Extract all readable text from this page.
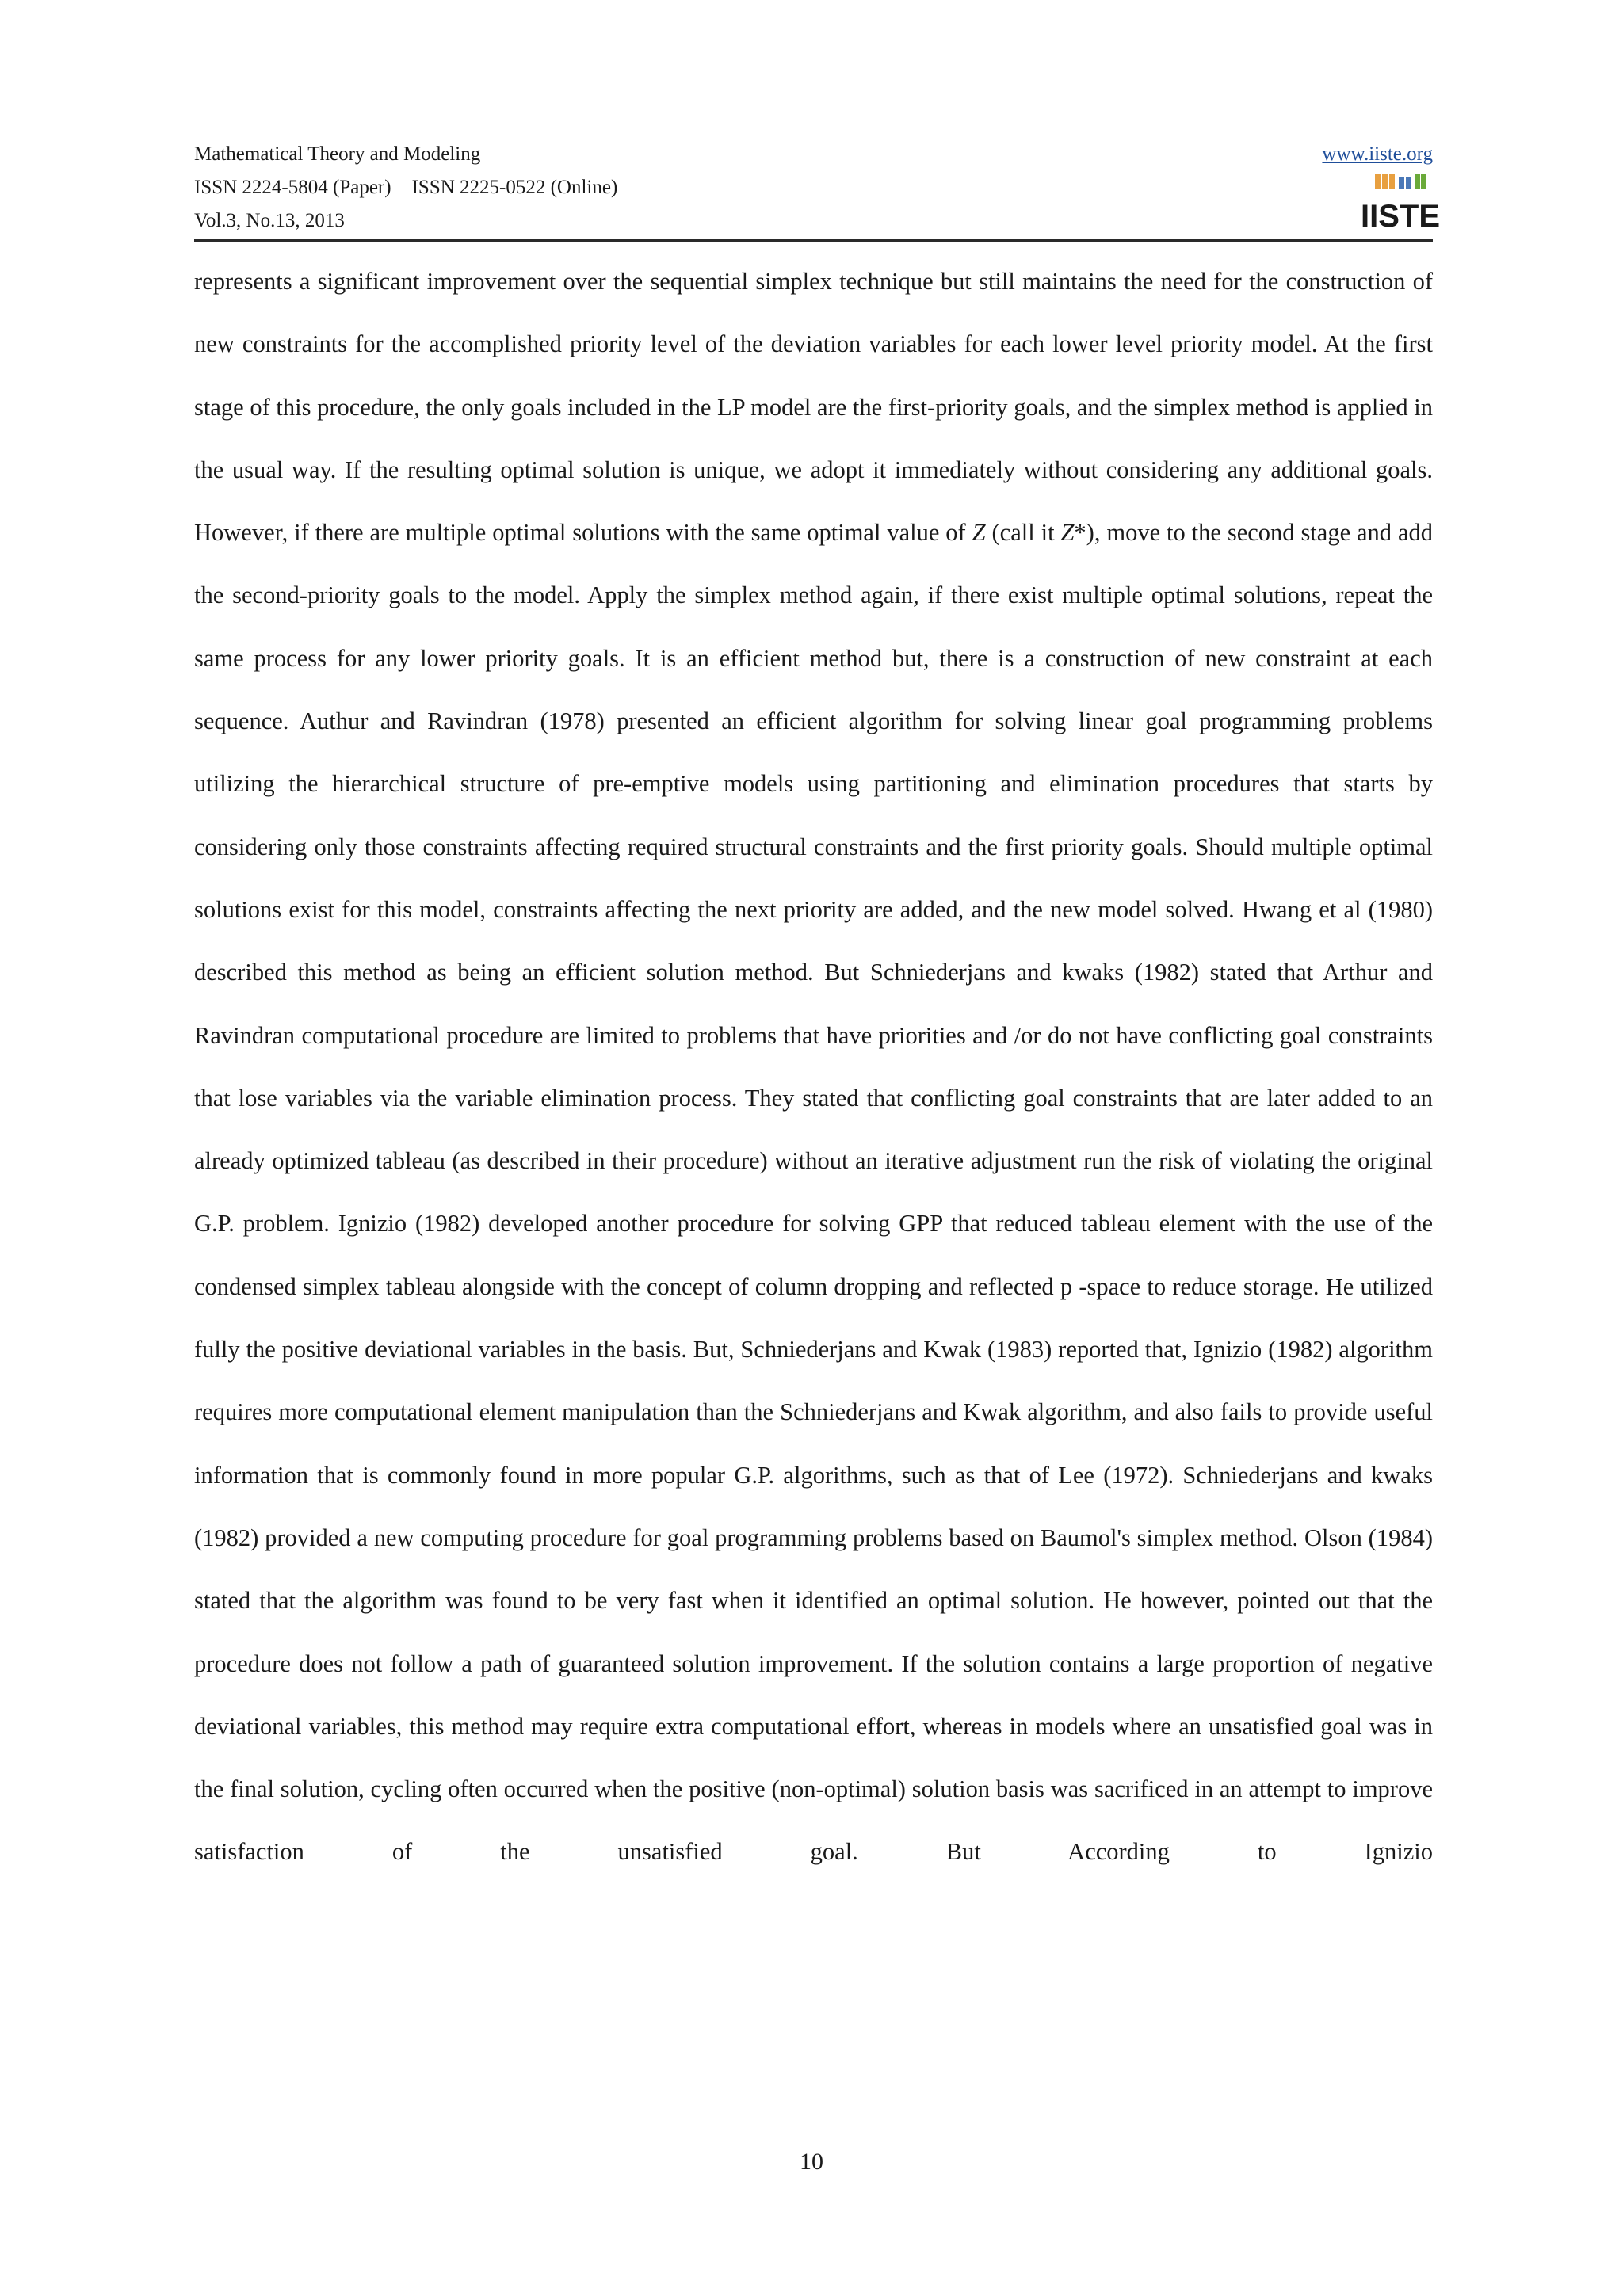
Mathematical Theory and Modeling
ISSN 2224-5804 (Paper) ISSN 2225-0522 (Online)
Vol.3, No.13, 2013
www.iiste.org
IISTE

represents a significant improvement over the sequential simplex technique but still maintains the need for the construction of new constraints for the accomplished priority level of the deviation variables for each lower level priority model. At the first stage of this procedure, the only goals included in the LP model are the first-priority goals, and the simplex method is applied in the usual way. If the resulting optimal solution is unique, we adopt it immediately without considering any additional goals. However, if there are multiple optimal solutions with the same optimal value of Z (call it Z*), move to the second stage and add the second-priority goals to the model. Apply the simplex method again, if there exist multiple optimal solutions, repeat the same process for any lower priority goals. It is an efficient method but, there is a construction of new constraint at each sequence. Authur and Ravindran (1978) presented an efficient algorithm for solving linear goal programming problems utilizing the hierarchical structure of pre-emptive models using partitioning and elimination procedures that starts by considering only those constraints affecting required structural constraints and the first priority goals. Should multiple optimal solutions exist for this model, constraints affecting the next priority are added, and the new model solved. Hwang et al (1980) described this method as being an efficient solution method. But Schniederjans and kwaks (1982) stated that Arthur and Ravindran computational procedure are limited to problems that have priorities and /or do not have conflicting goal constraints that lose variables via the variable elimination process. They stated that conflicting goal constraints that are later added to an already optimized tableau (as described in their procedure) without an iterative adjustment run the risk of violating the original G.P. problem. Ignizio (1982) developed another procedure for solving GPP that reduced tableau element with the use of the condensed simplex tableau alongside with the concept of column dropping and reflected p -space to reduce storage. He utilized fully the positive deviational variables in the basis. But, Schniederjans and Kwak (1983) reported that, Ignizio (1982) algorithm requires more computational element manipulation than the Schniederjans and Kwak algorithm, and also fails to provide useful information that is commonly found in more popular G.P. algorithms, such as that of Lee (1972). Schniederjans and kwaks (1982) provided a new computing procedure for goal programming problems based on Baumol's simplex method. Olson (1984) stated that the algorithm was found to be very fast when it identified an optimal solution. He however, pointed out that the procedure does not follow a path of guaranteed solution improvement. If the solution contains a large proportion of negative deviational variables, this method may require extra computational effort, whereas in models where an unsatisfied goal was in the final solution, cycling often occurred when the positive (non-optimal) solution basis was sacrificed in an attempt to improve satisfaction of the unsatisfied goal. But According to Ignizio

10
